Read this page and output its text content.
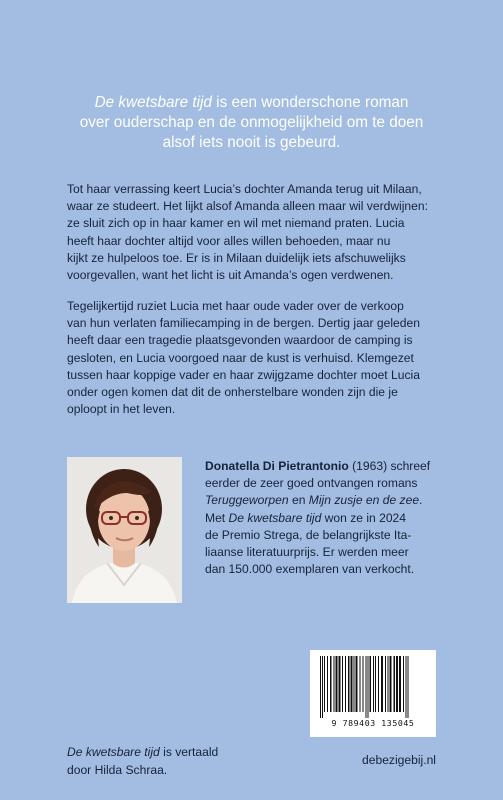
De kwetsbare tijd is een wonderschone roman
over ouderschap en de onmogelijkheid om te doen
alsof iets nooit is gebeurd.
Tot haar verrassing keert Lucia’s dochter Amanda terug uit Milaan,
waar ze studeert. Het lijkt alsof Amanda alleen maar wil verdwijnen:
ze sluit zich op in haar kamer en wil met niemand praten. Lucia
heeft haar dochter altijd voor alles willen behoeden, maar nu
kijkt ze hulpeloos toe. Er is in Milaan duidelijk iets afschuwelijks
voorgevallen, want het licht is uit Amanda’s ogen verdwenen.
Tegelijkertijd ruziet Lucia met haar oude vader over de verkoop
van hun verlaten familiecamping in de bergen. Dertig jaar geleden
heeft daar een tragedie plaatsgevonden waardoor de camping is
gesloten, en Lucia voorgoed naar de kust is verhuisd. Klemgezet
tussen haar koppige vader en haar zwijgzame dochter moet Lucia
onder ogen komen dat dit de onherstelbare wonden zijn die je
oploopt in het leven.
Donatella Di Pietrantonio (1963) schreef
eerder de zeer goed ontvangen romans
Teruggeworpen en Mijn zusje en de zee.
Met De kwetsbare tijd won ze in 2024
de Premio Strega, de belangrijkste Ita-
liaanse literatuurprijs. Er werden meer
dan 150.000 exemplaren van verkocht.
9 789403 135045
De kwetsbare tijd is vertaald
door Hilda Schraa.
debezigebij.nl
